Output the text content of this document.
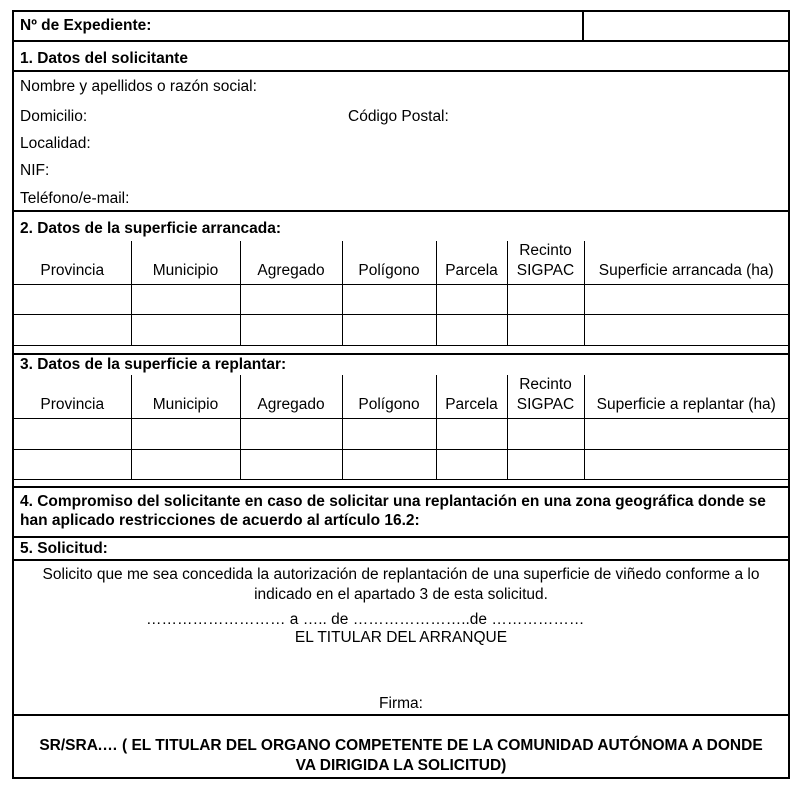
Nº de Expediente:
1. Datos del solicitante
Nombre y apellidos o razón social:
Domicilio:	Código Postal:
Localidad:
NIF:
Teléfono/e-mail:
2. Datos de la superficie arrancada:
Provincia	Municipio	Agregado	Polígono	Parcela	Recinto SIGPAC	Superficie arrancada (ha)

3. Datos de la superficie a replantar:
Provincia	Municipio	Agregado	Polígono	Parcela	Recinto SIGPAC	Superficie a replantar (ha)

4. Compromiso del solicitante en caso de solicitar una replantación en una zona geográfica donde se han aplicado restricciones de acuerdo al artículo 16.2:
5. Solicitud:
Solicito que me sea concedida la autorización de replantación de una superficie de viñedo conforme a lo indicado en el apartado 3 de esta solicitud.
……………………… a ….. de …………………..de ………………
EL TITULAR DEL ARRANQUE
Firma:
SR/SRA.… ( EL TITULAR DEL ORGANO COMPETENTE DE LA COMUNIDAD AUTÓNOMA A DONDE VA DIRIGIDA LA SOLICITUD)
